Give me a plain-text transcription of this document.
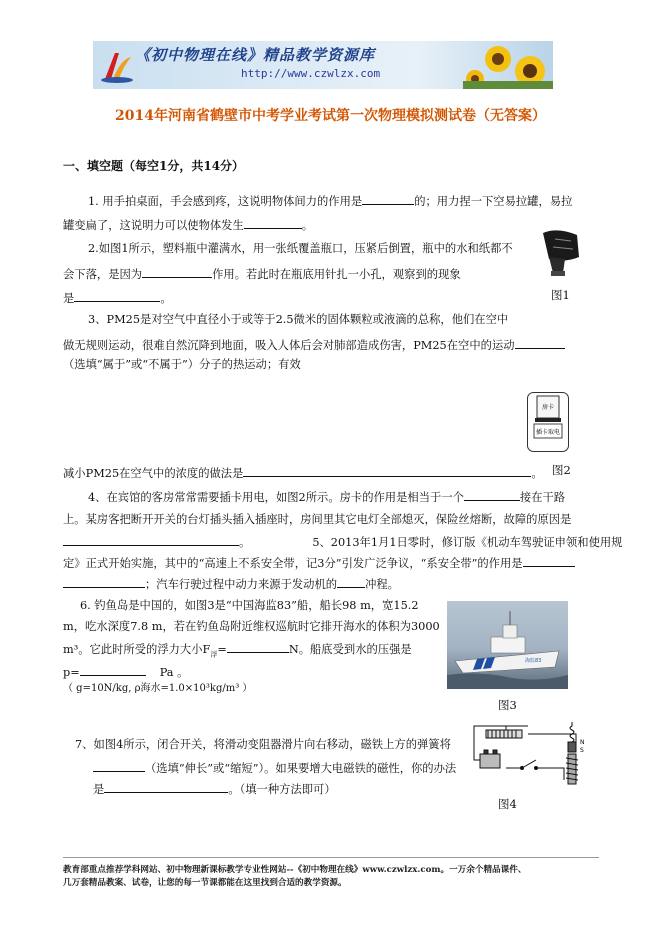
《初中物理在线》精品教学资源库
http://www.czwlzx.com
2014年河南省鹤壁市中考学业考试第一次物理模拟测试卷（无答案）
一、填空题（每空1分，共14分）
1. 用手拍桌面，手会感到疼，这说明物体间力的作用是	的；用力捏一下空易拉罐，易拉
罐变扁了，这说明力可以使物体发生	。
2.如图1所示，塑料瓶中灌满水，用一张纸覆盖瓶口，压紧后倒置，瓶中的水和纸都不
会下落，是因为	作用。若此时在瓶底用针扎一小孔，观察到的现象
是	。	图1
3、PM25是对空气中直径小于或等于2.5微米的固体颗粒或液滴的总称，他们在空中
做无规则运动，很难自然沉降到地面，吸入人体后会对肺部造成伤害，PM25在空中的运动
（选填“属于”或“不属于”）分子的热运动；有效
房卡
插卡取电
图2
减小PM25在空气中的浓度的做法是	。
4、在宾馆的客房常常需要插卡用电，如图2所示。房卡的作用是相当于一个	接在干路
上。某房客把断开开关的台灯插头插入插座时，房间里其它电灯全部熄灭，保险丝熔断，故障的原因是
。	5、2013年1月1日零时，修订版《机动车驾驶证申领和使用规
定》正式开始实施，其中的“高速上不系安全带，记3分”引发广泛争议，“系安全带”的作用是
；汽车行驶过程中动力来源于发动机的 冲程。
6. 钓鱼岛是中国的，如图3是“中国海监83”船，船长98 m，宽15.2
m，吃水深度7.8 m，若在钓鱼岛附近维权巡航时它排开海水的体积为3000
m³。它此时所受的浮力大小$F_浮=$	N。船底受到水的压强是
p=	Pa 。
（ g=10N/kg, ρ海水=1.0×10³kg/m³ ）
海监83
图3
7、如图4所示，闭合开关，将滑动变阻器滑片向右移动，磁铁上方的弹簧将
（选填“伸长”或“缩短”）。如果要增大电磁铁的磁性，你的办法
是	。（填一种方法即可）
N
S
图4
教育部重点推荐学科网站、初中物理新课标教学专业性网站--《初中物理在线》www.czwlzx.com。一万余个精品课件、
几万套精品教案、试卷，让您的每一节课都能在这里找到合适的教学资源。
